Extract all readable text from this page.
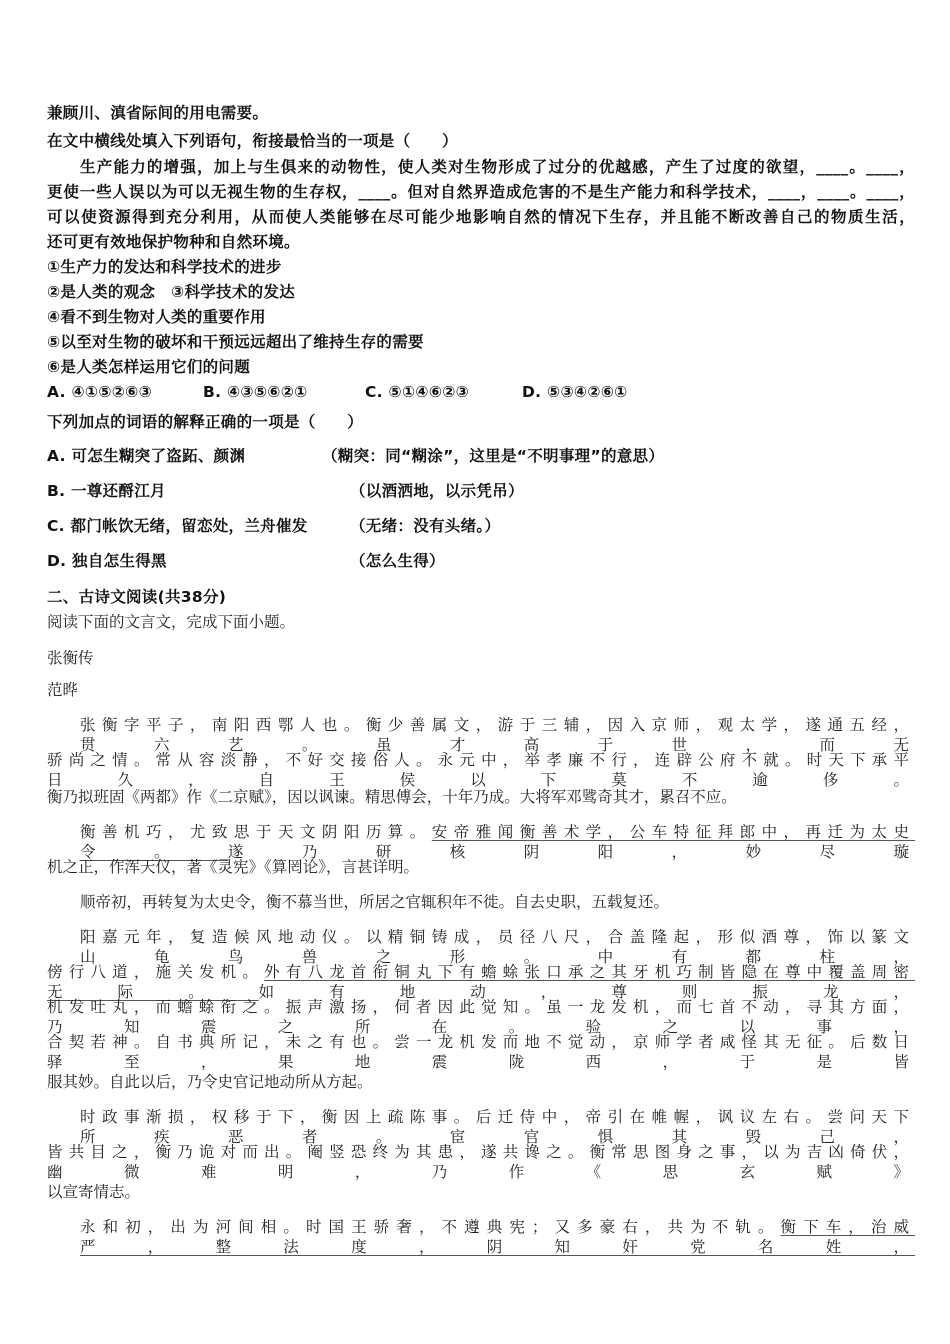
兼顾川、滇省际间的用电需要。
在文中横线处填入下列语句，衔接最恰当的一项是（　　）
生产能力的增强，加上与生俱来的动物性，使人类对生物形成了过分的优越感，产生了过度的欲望，____。____，
更使一些人误以为可以无视生物的生存权，____。但对自然界造成危害的不是生产能力和科学技术，____，____。____，
可以使资源得到充分利用，从而使人类能够在尽可能少地影响自然的情况下生存，并且能不断改善自己的物质生活，
还可更有效地保护物种和自然环境。
①生产力的发达和科学技术的进步
②是人类的观念　③科学技术的发达
④看不到生物对人类的重要作用
⑤以至对生物的破坏和干预远远超出了维持生存的需要
⑥是人类怎样运用它们的问题
A. ④①⑤②⑥③	B. ④③⑤⑥②①	C. ⑤①④⑥②③	D. ⑤③④②⑥①
下列加点的词语的解释正确的一项是（　　）
A. 可怎生糊突了盗跖、颜渊	（糊突：同“糊涂”，这里是“不明事理”的意思）
B. 一尊还酹江月	（以酒洒地，以示凭吊）
C. 都门帐饮无绪，留恋处，兰舟催发	（无绪：没有头绪。）
D. 独自怎生得黑	（怎么生得）
二、古诗文阅读(共38分)
阅读下面的文言文，完成下面小题。
张衡传
范晔
张衡字平子，南阳西鄂人也。衡少善属文，游于三辅，因入京师，观太学，遂通五经，贯六艺。虽才高于世，而无
骄尚之情。常从容淡静，不好交接俗人。永元中，举孝廉不行，连辟公府不就。时天下承平日久，自王侯以下莫不逾侈。
衡乃拟班固《两都》作《二京赋》，因以讽谏。精思傅会，十年乃成。大将军邓骘奇其才，累召不应。
衡善机巧，尤致思于天文阴阳历算。安帝雅闻衡善术学，公车特征拜郎中，再迁为太史令。遂乃研核阴阳，妙尽璇
机之正，作浑天仪，著《灵宪》《算罔论》，言甚详明。
顺帝初，再转复为太史令，衡不慕当世，所居之官辄积年不徙。自去史职，五载复还。
阳嘉元年，复造候风地动仪。以精铜铸成，员径八尺，合盖隆起，形似酒尊，饰以篆文山龟鸟兽之形。中有都柱，
傍行八道，施关发机。外有八龙首衔铜丸下有蟾蜍张口承之其牙机巧制皆隐在尊中覆盖周密无际。如有地动，尊则振龙，
机发吐丸，而蟾蜍衔之。振声激扬，伺者因此觉知。虽一龙发机，而七首不动，寻其方面，乃知震之所在。验之以事，
合契若神。自书典所记，未之有也。尝一龙机发而地不觉动，京师学者咸怪其无征。后数日驿至，果地震陇西，于是皆
服其妙。自此以后，乃令史官记地动所从方起。
时政事渐损，权移于下，衡因上疏陈事。后迁侍中，帝引在帷幄，讽议左右。尝问天下所疾恶者。宦官惧其毁己，
皆共目之，衡乃诡对而出。阉竖恐终为其患，遂共谗之。衡常思图身之事，以为吉凶倚伏，幽微难明，乃作《思玄赋》
以宣寄情志。
永和初，出为河间相。时国王骄奢，不遵典宪；又多豪右，共为不轨。衡下车，治威严，整法度，阴知奸党名姓，
